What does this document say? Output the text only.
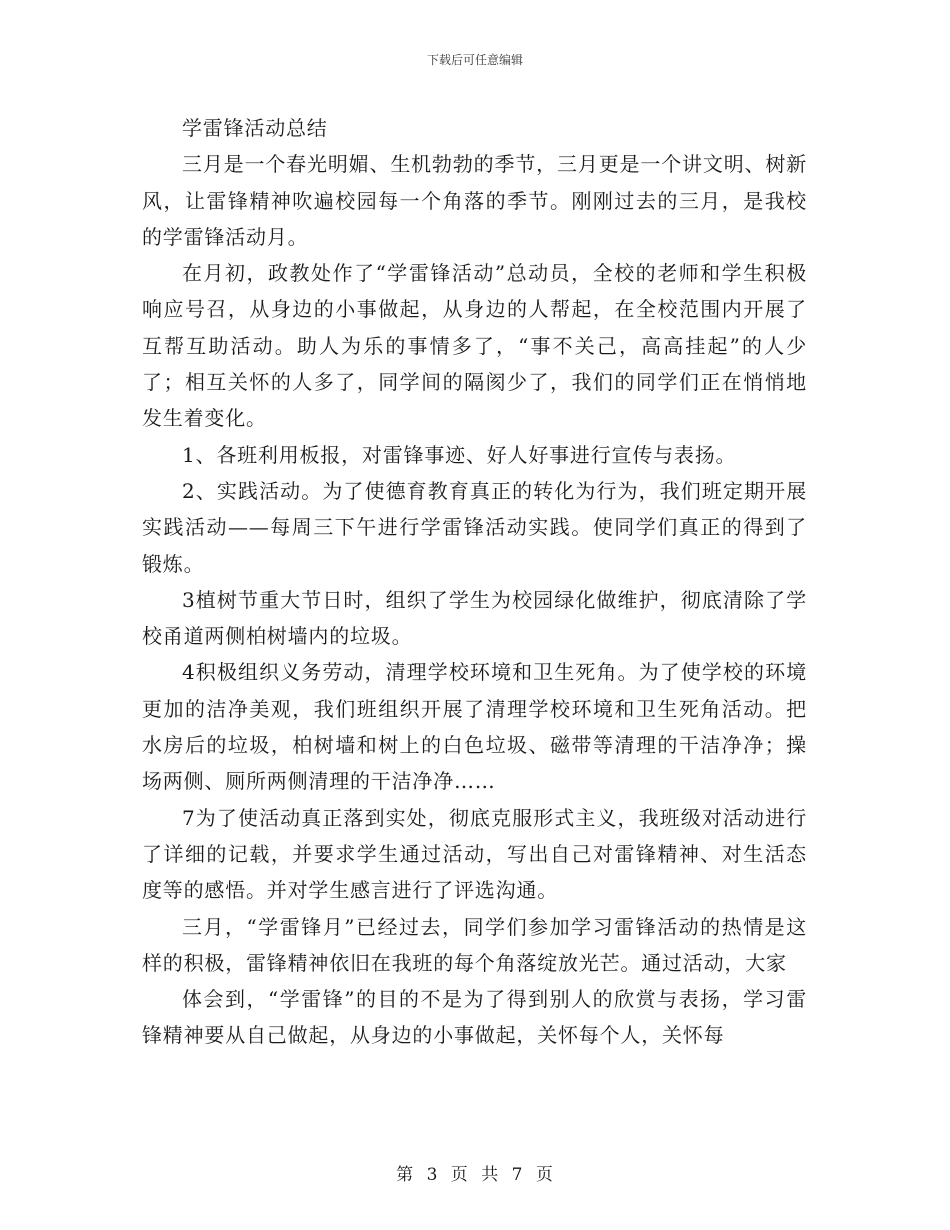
下载后可任意编辑

学雷锋活动总结

三月是一个春光明媚、生机勃勃的季节，三月更是一个讲文明、树新风，让雷锋精神吹遍校园每一个角落的季节。刚刚过去的三月，是我校的学雷锋活动月。

在月初，政教处作了“学雷锋活动”总动员，全校的老师和学生积极响应号召，从身边的小事做起，从身边的人帮起，在全校范围内开展了互帮互助活动。助人为乐的事情多了，“事不关己，高高挂起”的人少了；相互关怀的人多了，同学间的隔阂少了，我们的同学们正在悄悄地发生着变化。

1、各班利用板报，对雷锋事迹、好人好事进行宣传与表扬。

2、实践活动。为了使德育教育真正的转化为行为，我们班定期开展实践活动——每周三下午进行学雷锋活动实践。使同学们真正的得到了锻炼。

3植树节重大节日时，组织了学生为校园绿化做维护，彻底清除了学校甬道两侧柏树墙内的垃圾。

4积极组织义务劳动，清理学校环境和卫生死角。为了使学校的环境更加的洁净美观，我们班组织开展了清理学校环境和卫生死角活动。把水房后的垃圾，柏树墙和树上的白色垃圾、磁带等清理的干洁净净；操场两侧、厕所两侧清理的干洁净净……

7为了使活动真正落到实处，彻底克服形式主义，我班级对活动进行了详细的记载，并要求学生通过活动，写出自己对雷锋精神、对生活态度等的感悟。并对学生感言进行了评选沟通。

三月，“学雷锋月”已经过去，同学们参加学习雷锋活动的热情是这样的积极，雷锋精神依旧在我班的每个角落绽放光芒。通过活动，大家

体会到，“学雷锋”的目的不是为了得到别人的欣赏与表扬，学习雷锋精神要从自己做起，从身边的小事做起，关怀每个人，关怀每

第 3 页 共 7 页
